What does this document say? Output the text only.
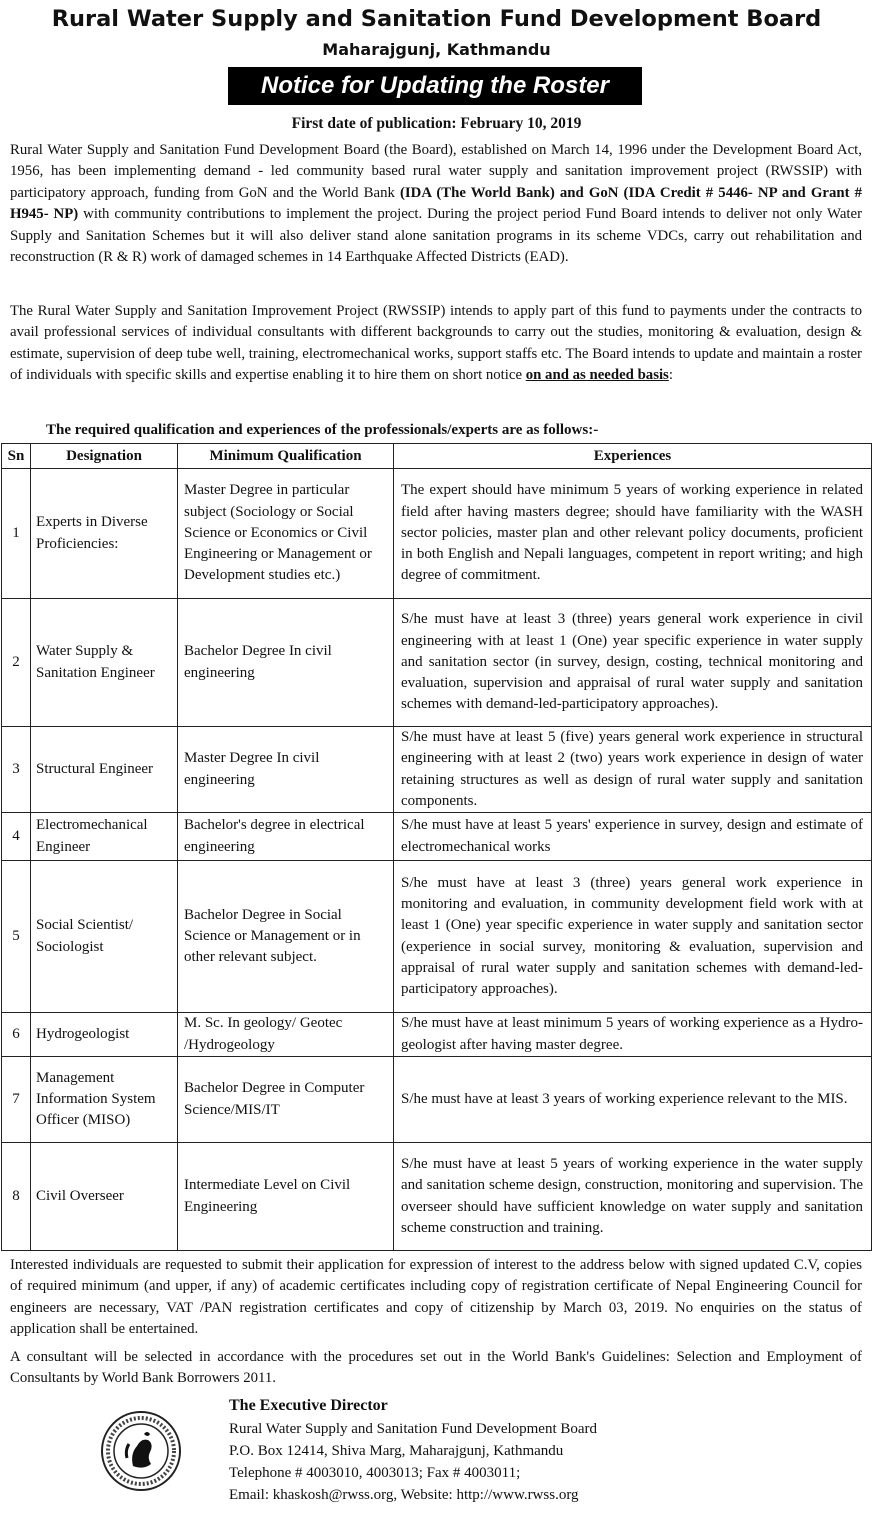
Rural Water Supply and Sanitation Fund Development Board
Maharajgunj, Kathmandu
Notice for Updating the Roster
First date of publication: February 10, 2019
Rural Water Supply and Sanitation Fund Development Board (the Board), established on March 14, 1996 under the Development Board Act, 1956, has been implementing demand - led community based rural water supply and sanitation improvement project (RWSSIP) with participatory approach, funding from GoN and the World Bank (IDA (The World Bank) and GoN (IDA Credit # 5446- NP and Grant # H945- NP) with community contributions to implement the project. During the project period Fund Board intends to deliver not only Water Supply and Sanitation Schemes but it will also deliver stand alone sanitation programs in its scheme VDCs, carry out rehabilitation and reconstruction (R & R) work of damaged schemes in 14 Earthquake Affected Districts (EAD).
The Rural Water Supply and Sanitation Improvement Project (RWSSIP) intends to apply part of this fund to payments under the contracts to avail professional services of individual consultants with different backgrounds to carry out the studies, monitoring & evaluation, design & estimate, supervision of deep tube well, training, electromechanical works, support staffs etc. The Board intends to update and maintain a roster of individuals with specific skills and expertise enabling it to hire them on short notice on and as needed basis:
The required qualification and experiences of the professionals/experts are as follows:-
Sn	Designation	Minimum Qualification	Experiences
1	Experts in Diverse Proficiencies:	Master Degree in particular subject (Sociology or Social Science or Economics or Civil Engineering or Management or Development studies etc.)	The expert should have minimum 5 years of working experience in related field after having masters degree; should have familiarity with the WASH sector policies, master plan and other relevant policy documents, proficient in both English and Nepali languages, competent in report writing; and high degree of commitment.
2	Water Supply & Sanitation Engineer	Bachelor Degree In civil engineering	S/he must have at least 3 (three) years general work experience in civil engineering with at least 1 (One) year specific experience in water supply and sanitation sector (in survey, design, costing, technical monitoring and evaluation, supervision and appraisal of rural water supply and sanitation schemes with demand-led-participatory approaches).
3	Structural Engineer	Master Degree In civil engineering	S/he must have at least 5 (five) years general work experience in structural engineering with at least 2 (two) years work experience in design of water retaining structures as well as design of rural water supply and sanitation components.
4	Electromechanical Engineer	Bachelor's degree in electrical engineering	S/he must have at least 5 years' experience in survey, design and estimate of electromechanical works
5	Social Scientist/ Sociologist	Bachelor Degree in Social Science or Management or in other relevant subject.	S/he must have at least 3 (three) years general work experience in monitoring and evaluation, in community development field work with at least 1 (One) year specific experience in water supply and sanitation sector (experience in social survey, monitoring & evaluation, supervision and appraisal of rural water supply and sanitation schemes with demand-led-participatory approaches).
6	Hydrogeologist	M. Sc. In geology/ Geotec /Hydrogeology	S/he must have at least minimum 5 years of working experience as a Hydro-geologist after having master degree.
7	Management Information System Officer (MISO)	Bachelor Degree in Computer Science/MIS/IT	S/he must have at least 3 years of working experience relevant to the MIS.
8	Civil Overseer	Intermediate Level on Civil Engineering	S/he must have at least 5 years of working experience in the water supply and sanitation scheme design, construction, monitoring and supervision. The overseer should have sufficient knowledge on water supply and sanitation scheme construction and training.
Interested individuals are requested to submit their application for expression of interest to the address below with signed updated C.V, copies of required minimum (and upper, if any) of academic certificates including copy of registration certificate of Nepal Engineering Council for engineers are necessary, VAT /PAN registration certificates and copy of citizenship by March 03, 2019. No enquiries on the status of application shall be entertained.
A consultant will be selected in accordance with the procedures set out in the World Bank's Guidelines: Selection and Employment of Consultants by World Bank Borrowers 2011.
The Executive Director
Rural Water Supply and Sanitation Fund Development Board
P.O. Box 12414, Shiva Marg, Maharajgunj, Kathmandu
Telephone # 4003010, 4003013; Fax # 4003011;
Email: khaskosh@rwss.org, Website: http://www.rwss.org
